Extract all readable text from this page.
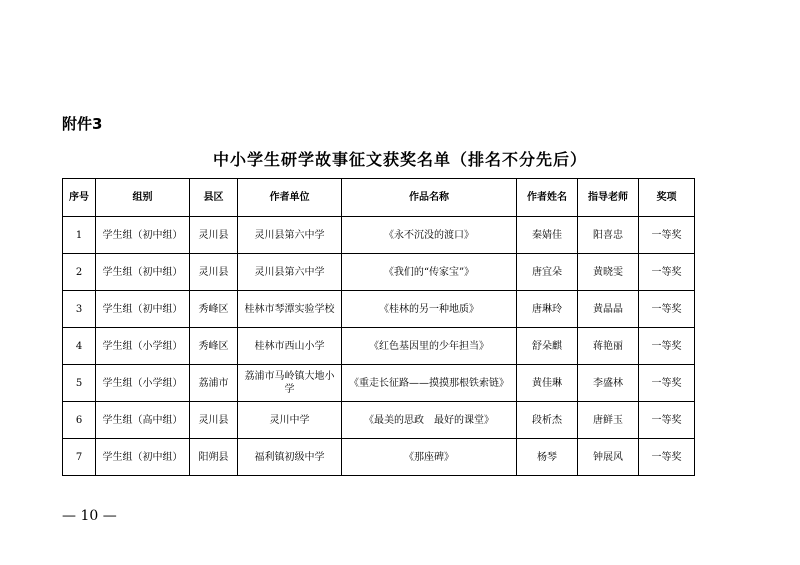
附件3
中小学生研学故事征文获奖名单（排名不分先后）
序号	组别	县区	作者单位	作品名称	作者姓名	指导老师	奖项
1	学生组（初中组）	灵川县	灵川县第六中学	《永不沉没的渡口》	秦婧佳	阳喜忠	一等奖
2	学生组（初中组）	灵川县	灵川县第六中学	《我们的“传家宝”》	唐宜朵	黄晓雯	一等奖
3	学生组（初中组）	秀峰区	桂林市琴潭实验学校	《桂林的另一种地质》	唐琳玲	黄晶晶	一等奖
4	学生组（小学组）	秀峰区	桂林市西山小学	《红色基因里的少年担当》	舒朵麒	蒋艳丽	一等奖
5	学生组（小学组）	荔浦市	荔浦市马岭镇大地小学	《重走长征路——摸摸那根铁索链》	黄佳琳	李盛林	一等奖
6	学生组（高中组）	灵川县	灵川中学	《最美的思政　最好的课堂》	段析杰	唐鲜玉	一等奖
7	学生组（初中组）	阳朔县	福利镇初级中学	《那座碑》	杨琴	钟展风	一等奖
— 10 —
